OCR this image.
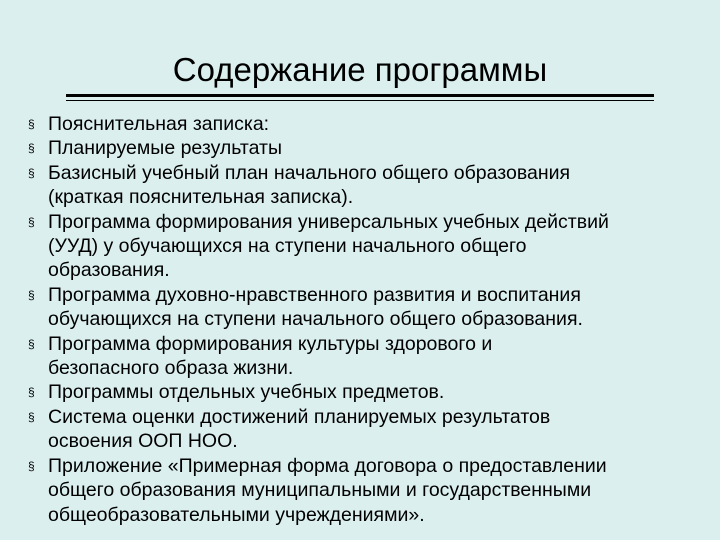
Содержание программы
§ Пояснительная записка:
§ Планируемые результаты
§ Базисный учебный план начального общего образования
(краткая пояснительная записка).
§ Программа формирования универсальных учебных действий
(УУД) у обучающихся на ступени начального общего
образования.
§ Программа духовно-нравственного развития и воспитания
обучающихся на ступени начального общего образования.
§ Программа формирования культуры здорового и
безопасного образа жизни.
§ Программы отдельных учебных предметов.
§ Система оценки достижений планируемых результатов
освоения ООП НОО.
§ Приложение «Примерная форма договора о предоставлении
общего образования муниципальными и государственными
общеобразовательными учреждениями».
